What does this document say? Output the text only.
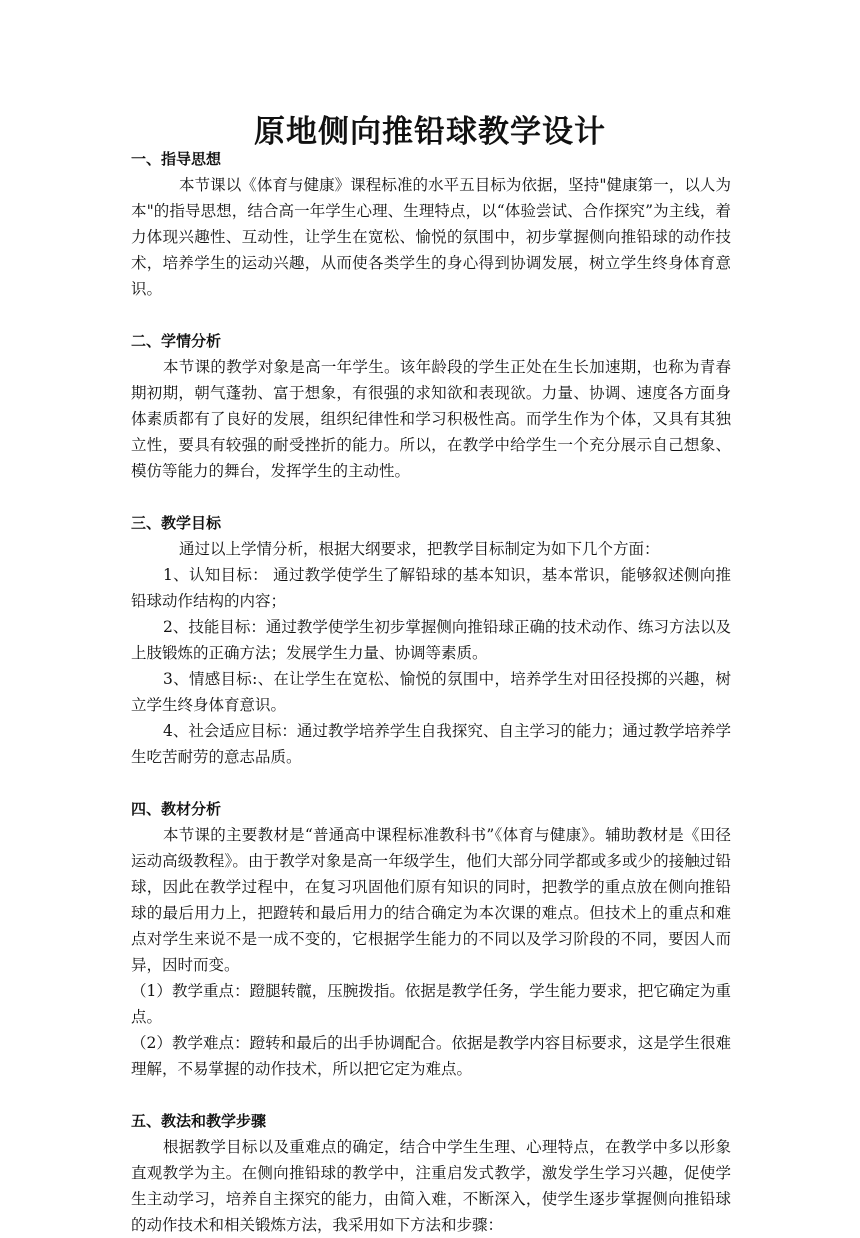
原地侧向推铅球教学设计
一、指导思想

本节课以《体育与健康》课程标准的水平五目标为依据，坚持"健康第一，以人为本"的指导思想，结合高一年学生心理、生理特点，以“体验尝试、合作探究”为主线，着力体现兴趣性、互动性，让学生在宽松、愉悦的氛围中，初步掌握侧向推铅球的动作技术，培养学生的运动兴趣，从而使各类学生的身心得到协调发展，树立学生终身体育意识。

二、学情分析

本节课的教学对象是高一年学生。该年龄段的学生正处在生长加速期，也称为青春期初期，朝气蓬勃、富于想象，有很强的求知欲和表现欲。力量、协调、速度各方面身体素质都有了良好的发展，组织纪律性和学习积极性高。而学生作为个体，又具有其独立性，要具有较强的耐受挫折的能力。所以，在教学中给学生一个充分展示自己想象、模仿等能力的舞台，发挥学生的主动性。

三、教学目标

通过以上学情分析，根据大纲要求，把教学目标制定为如下几个方面：

1、认知目标： 通过教学使学生了解铅球的基本知识，基本常识，能够叙述侧向推铅球动作结构的内容；

2、技能目标：通过教学使学生初步掌握侧向推铅球正确的技术动作、练习方法以及上肢锻炼的正确方法；发展学生力量、协调等素质。

3、情感目标:、在让学生在宽松、愉悦的氛围中，培养学生对田径投掷的兴趣，树立学生终身体育意识。

4、社会适应目标：通过教学培养学生自我探究、自主学习的能力；通过教学培养学生吃苦耐劳的意志品质。

四、教材分析

本节课的主要教材是“普通高中课程标准教科书”《体育与健康》。辅助教材是《田径运动高级教程》。由于教学对象是高一年级学生，他们大部分同学都或多或少的接触过铅球，因此在教学过程中，在复习巩固他们原有知识的同时，把教学的重点放在侧向推铅球的最后用力上，把蹬转和最后用力的结合确定为本次课的难点。但技术上的重点和难点对学生来说不是一成不变的，它根据学生能力的不同以及学习阶段的不同，要因人而异，因时而变。

（1）教学重点：蹬腿转髋，压腕拨指。依据是教学任务，学生能力要求，把它确定为重点。

（2）教学难点：蹬转和最后的出手协调配合。依据是教学内容目标要求，这是学生很难理解，不易掌握的动作技术，所以把它定为难点。

五、教法和教学步骤

根据教学目标以及重难点的确定，结合中学生生理、心理特点，在教学中多以形象直观教学为主。在侧向推铅球的教学中，注重启发式教学，激发学生学习兴趣，促使学生主动学习，培养自主探究的能力，由简入难，不断深入，使学生逐步掌握侧向推铅球的动作技术和相关锻炼方法，我采用如下方法和步骤：
